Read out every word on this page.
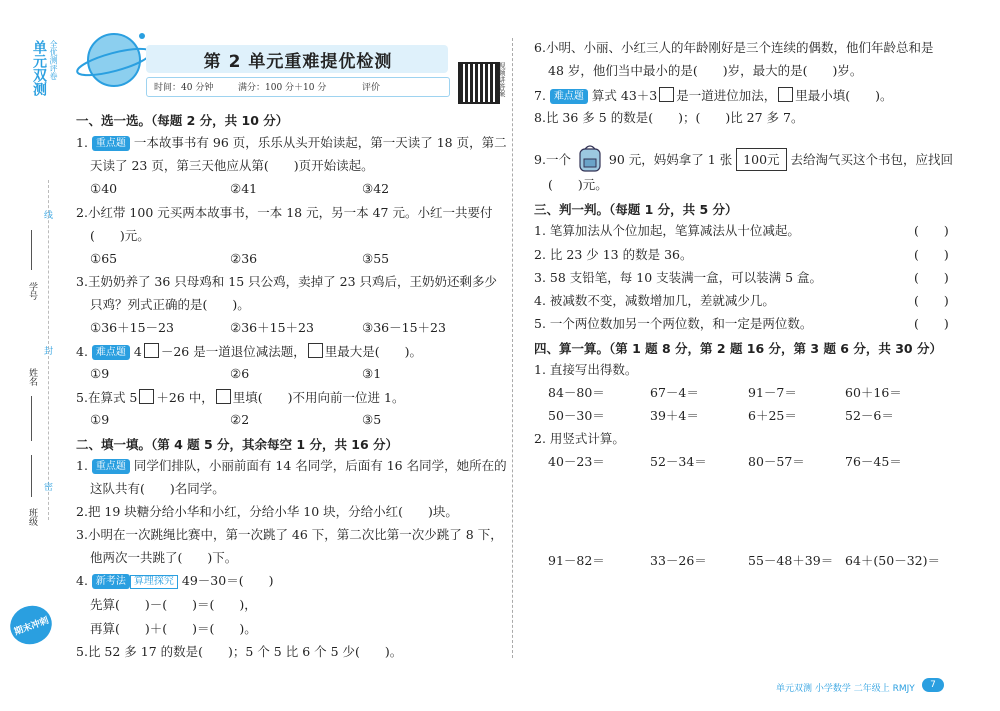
单元双测 全优测评卷
线
封
密
学号
姓名
班级
期末冲刺
第 2 单元重难提优检测
时间：40 分钟	满分：100 分＋10 分	评价	视频讲答案
一、选一选。（每题 2 分，共 10 分）
1. 重点题 一本故事书有 96 页，乐乐从头开始读起，第一天读了 18 页，第二
天读了 23 页，第三天他应从第(　　)页开始读起。
①40	②41	③42
2.小红带 100 元买两本故事书，一本 18 元，另一本 47 元。小红一共要付
(　　)元。
①65	②36	③55
3.王奶奶养了 36 只母鸡和 15 只公鸡，卖掉了 23 只鸡后，王奶奶还剩多少
只鸡？列式正确的是(　　)。
①36＋15－23	②36＋15＋23	③36－15＋23
4. 难点题 4 －26 是一道退位减法题， 里最大是(　　)。
①9	②6	③1
5.在算式 5 ＋26 中， 里填(　　)不用向前一位进 1。
①9	②2	③5
二、填一填。（第 4 题 5 分，其余每空 1 分，共 16 分）
1. 重点题 同学们排队，小丽前面有 14 名同学，后面有 16 名同学，她所在的
这队共有(　　)名同学。
2.把 19 块糖分给小华和小红，分给小华 10 块，分给小红(　　)块。
3.小明在一次跳绳比赛中，第一次跳了 46 下，第二次比第一次少跳了 8 下，
他两次一共跳了(　　)下。
4. 新考法 算理探究 49－30＝(　　)
先算(　　)－(　　)＝(　　)，
再算(　　)＋(　　)＝(　　)。
5.比 52 多 17 的数是(　　)；5 个 5 比 6 个 5 少(　　)。
6.小明、小丽、小红三人的年龄刚好是三个连续的偶数，他们年龄总和是
48 岁，他们当中最小的是(　　)岁，最大的是(　　)岁。
7. 难点题 算式 43＋3 是一道进位加法， 里最小填(　　)。
8.比 36 多 5 的数是(　　)；(　　)比 27 多 7。
9.一个	90 元，妈妈拿了 1 张 100元 去给淘气买这个书包，应找回
(　　)元。
三、判一判。（每题 1 分，共 5 分）
1. 笔算加法从个位加起，笔算减法从十位减起。
2. 比 23 少 13 的数是 36。
3. 58 支铅笔，每 10 支装满一盒，可以装满 5 盒。
4. 被减数不变，减数增加几，差就减少几。
5. 一个两位数加另一个两位数，和一定是两位数。
(　　)
(　　)
(　　)
(　　)
(　　)
四、算一算。（第 1 题 8 分，第 2 题 16 分，第 3 题 6 分，共 30 分）
1. 直接写出得数。
84－80＝	67－4＝	91－7＝	60＋16＝
50－30＝	39＋4＝	6＋25＝	52－6＝
2. 用竖式计算。
40－23＝	52－34＝	80－57＝	76－45＝
91－82＝	33－26＝	55－48＋39＝ 64＋(50－32)＝
单元双测 小学数学 二年级上 RMJY	7
